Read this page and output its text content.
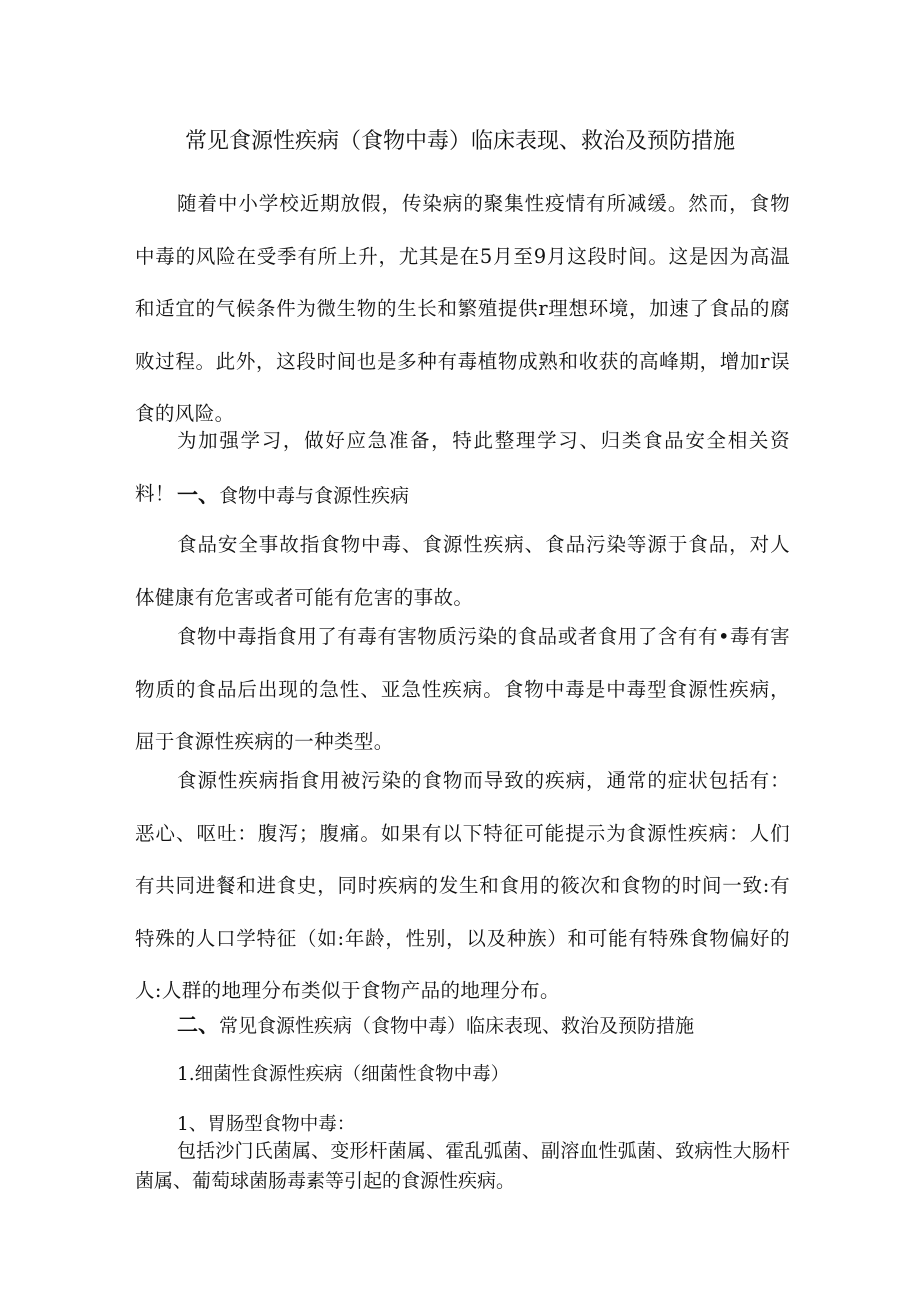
常见食源性疾病（食物中毒）临床表现、救治及预防措施

随着中小学校近期放假，传染病的聚集性疫情有所减缓。然而，食物中毒的风险在受季有所上升，尤其是在5月至9月这段时间。这是因为高温和适宜的气候条件为微生物的生长和繁殖提供r理想环境，加速了食品的腐败过程。此外，这段时间也是多种有毒植物成熟和收获的高峰期，增加r误食的风险。

为加强学习，做好应急准备，特此整理学习、归类食品安全相关资料！ 一、食物中毒与食源性疾病

食品安全事故指食物中毒、食源性疾病、食品污染等源于食品，对人体健康有危害或者可能有危害的事故。

食物中毒指食用了有毒有害物质污染的食品或者食用了含有有•毒有害物质的食品后出现的急性、亚急性疾病。食物中毒是中毒型食源性疾病，屈于食源性疾病的一种类型。

食源性疾病指食用被污染的食物而导致的疾病，通常的症状包括有：恶心、呕吐：腹泻；腹痛。如果有以下特征可能提示为食源性疾病：人们有共同进餐和进食史，同时疾病的发生和食用的筱次和食物的时间一致:有特殊的人口学特征（如:年龄，性别，以及种族）和可能有特殊食物偏好的人:人群的地理分布类似于食物产品的地理分布。

二、常见食源性疾病（食物中毒）临床表现、救治及预防措施
1.细菌性食源性疾病（细菌性食物中毒）
1、胃肠型食物中毒：

包括沙门氏菌属、变形杆菌属、霍乱弧菌、副溶血性弧菌、致病性大肠杆菌属、葡萄球菌肠毒素等引起的食源性疾病。
